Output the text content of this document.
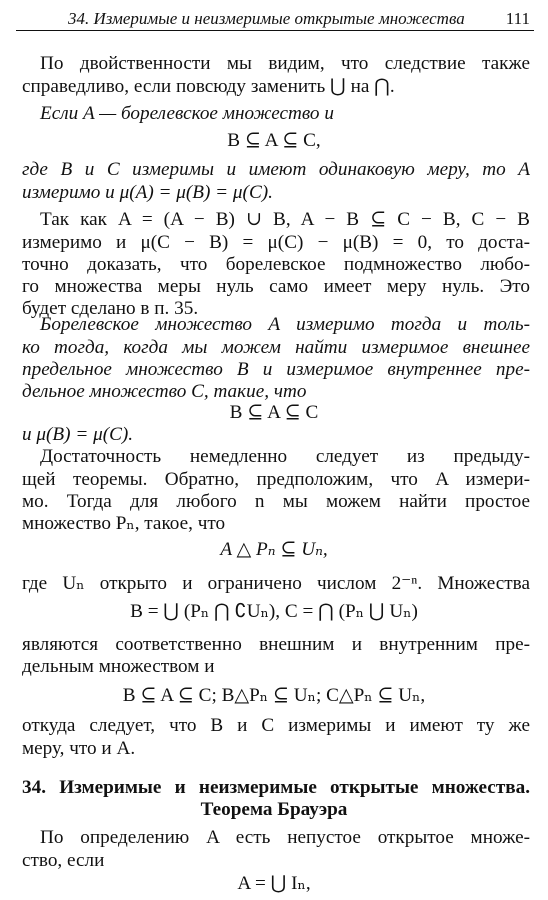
34. Измеримые и неизмеримые открытые множества 111
По двойственности мы видим, что следствие также
справедливо, если повсюду заменить ⋃ на ⋂.
Если A — борелевское множество и
B ⊆ A ⊆ C,
где B и C измеримы и имеют одинаковую меру, то A
измеримо и μ(A) = μ(B) = μ(C).
Так как A = (A − B) ∪ B, A − B ⊆ C − B, C − B
измеримо и μ(C − B) = μ(C) − μ(B) = 0, то доста-
точно доказать, что борелевское подмножество любо-
го множества меры нуль само имеет меру нуль. Это
будет сделано в п. 35.
Борелевское множество A измеримо тогда и толь-
ко тогда, когда мы можем найти измеримое внешнее
предельное множество B и измеримое внутреннее пре-
дельное множество C, такие, что
B ⊆ A ⊆ C
и μ(B) = μ(C).
Достаточность немедленно следует из предыду-
щей теоремы. Обратно, предположим, что A измери-
мо. Тогда для любого n мы можем найти простое
множество Pₙ, такое, что
A △ Pₙ ⊆ Uₙ,
где Uₙ открыто и ограничено числом 2⁻ⁿ. Множества
B = ⋃ (Pₙ ⋂ ∁Uₙ), C = ⋂ (Pₙ ⋃ Uₙ)
являются соответственно внешним и внутренним пре-
дельным множеством и
B ⊆ A ⊆ C; B△Pₙ ⊆ Uₙ; C△Pₙ ⊆ Uₙ,
откуда следует, что B и C измеримы и имеют ту же
меру, что и A.
34. Измеримые и неизмеримые открытые множества.
Теорема Брауэра
По определению A есть непустое открытое множе-
ство, если
A = ⋃ Iₙ,
